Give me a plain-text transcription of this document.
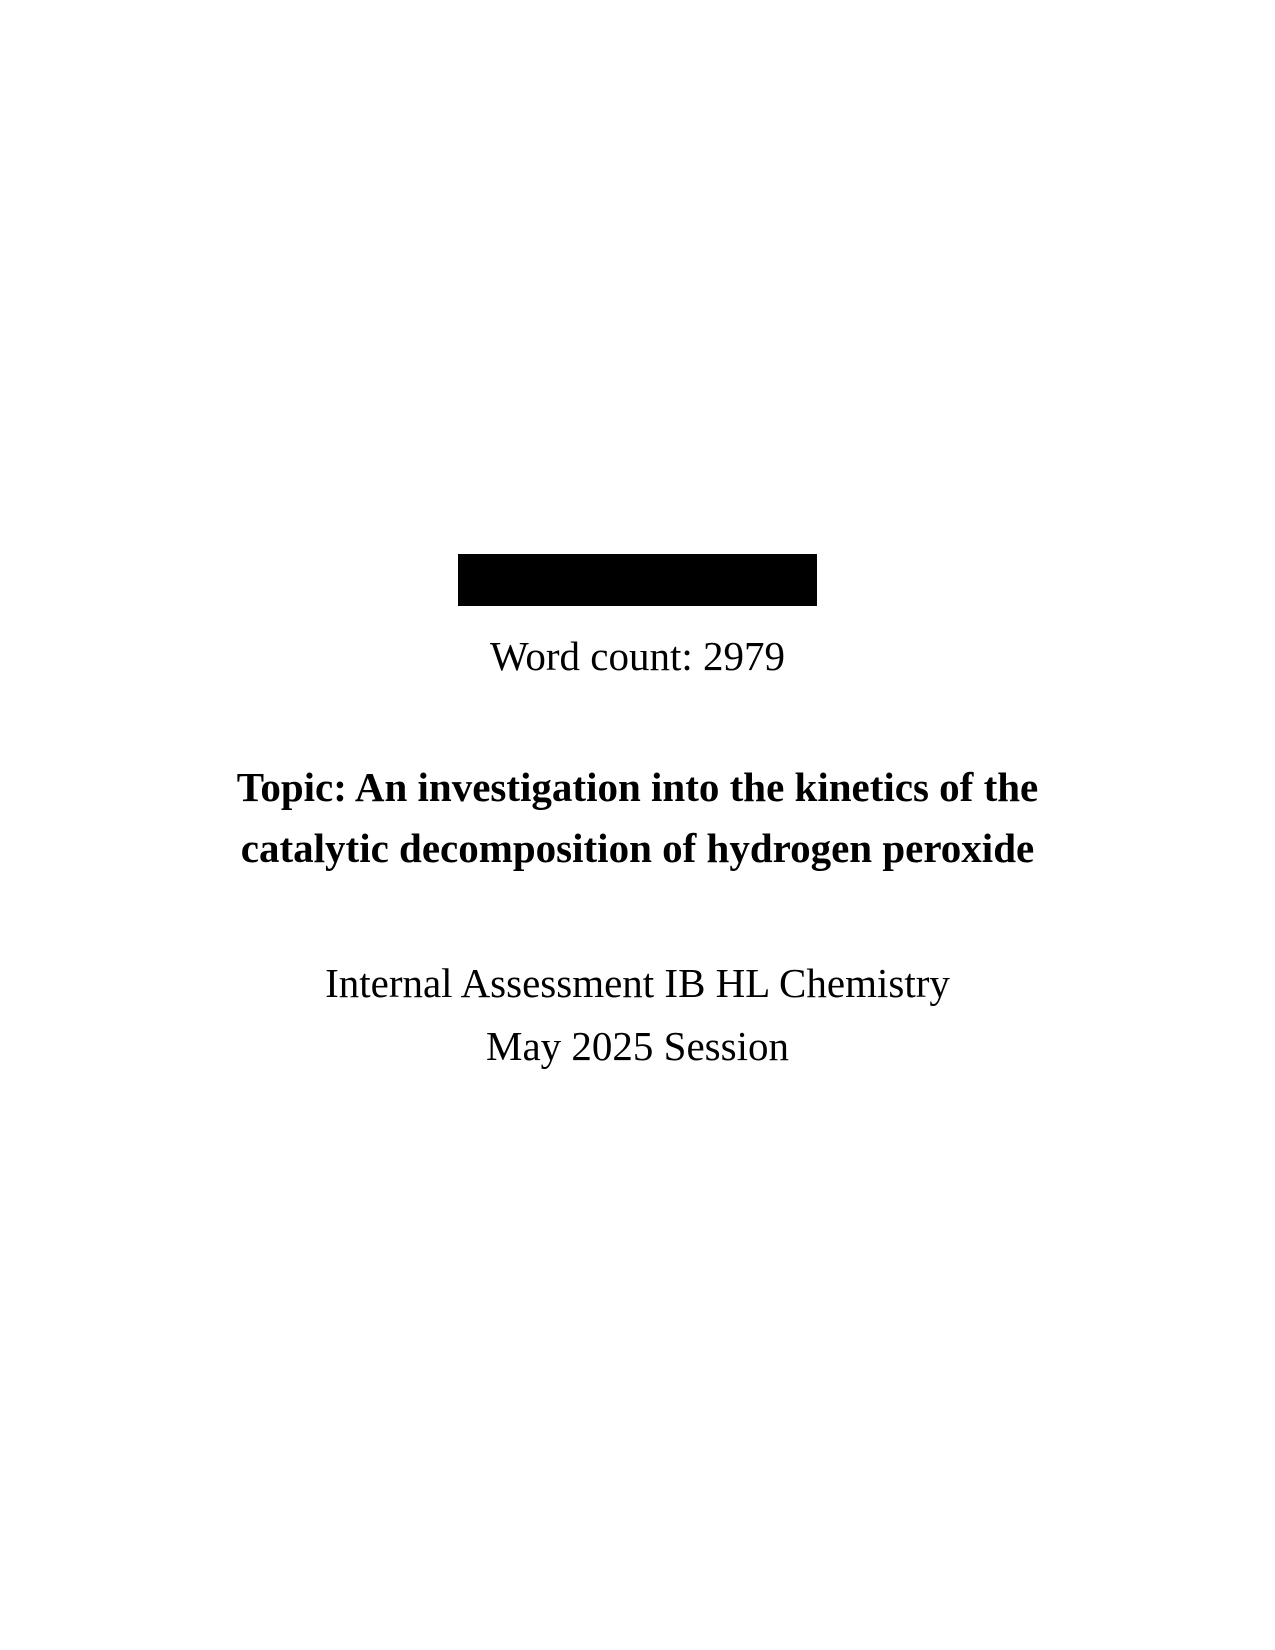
Word count: 2979
Topic: An investigation into the kinetics of the
catalytic decomposition of hydrogen peroxide
Internal Assessment IB HL Chemistry
May 2025 Session
